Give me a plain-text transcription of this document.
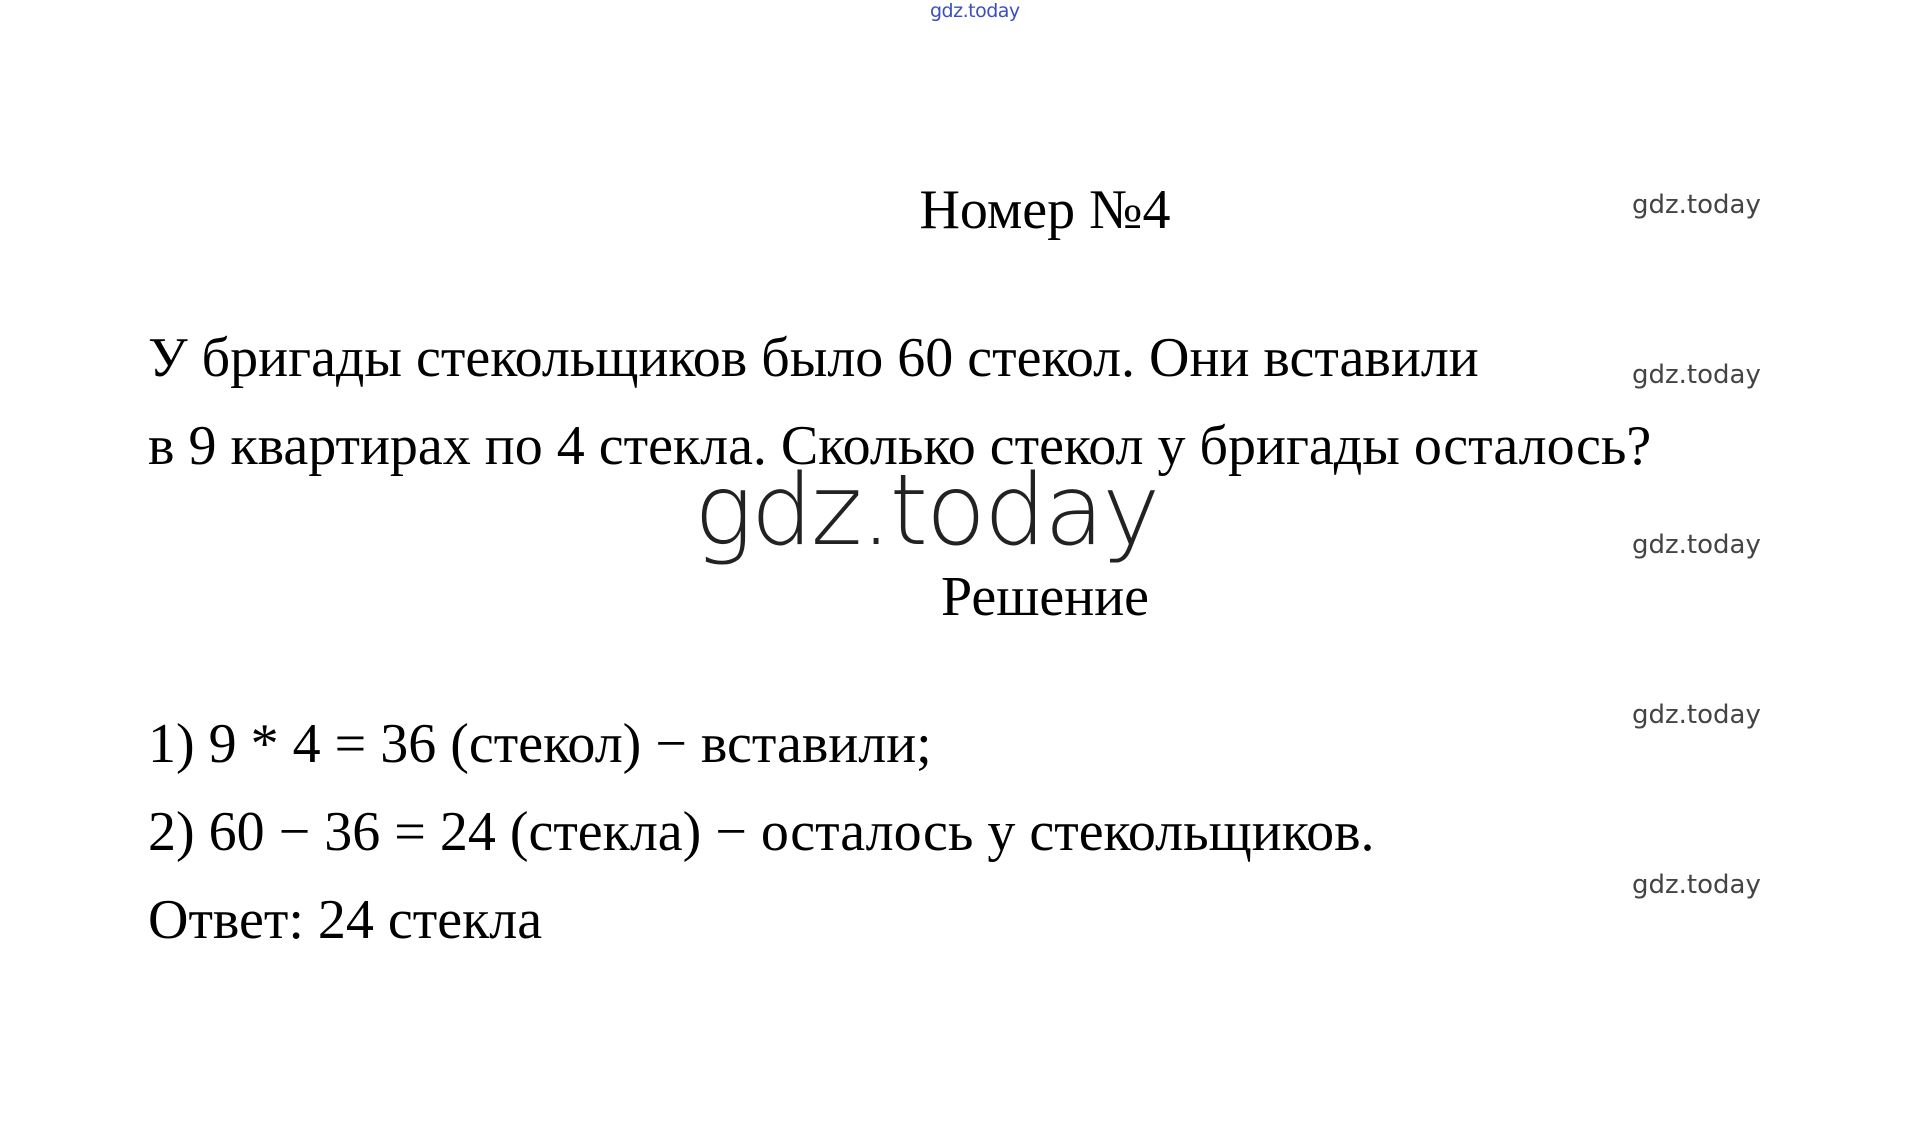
gdz.today
gdz.today
gdz.today
gdz.today
gdz.today
gdz.today
Номер №4
У бригады стекольщиков было 60 стекол. Они вставили
в 9 квартирах по 4 стекла. Сколько стекол у бригады осталось?
gdz.today
Решение
1) 9 * 4 = 36 (стекол) − вставили;
2) 60 − 36 = 24 (стекла) − осталось у стекольщиков.
Ответ: 24 стекла
